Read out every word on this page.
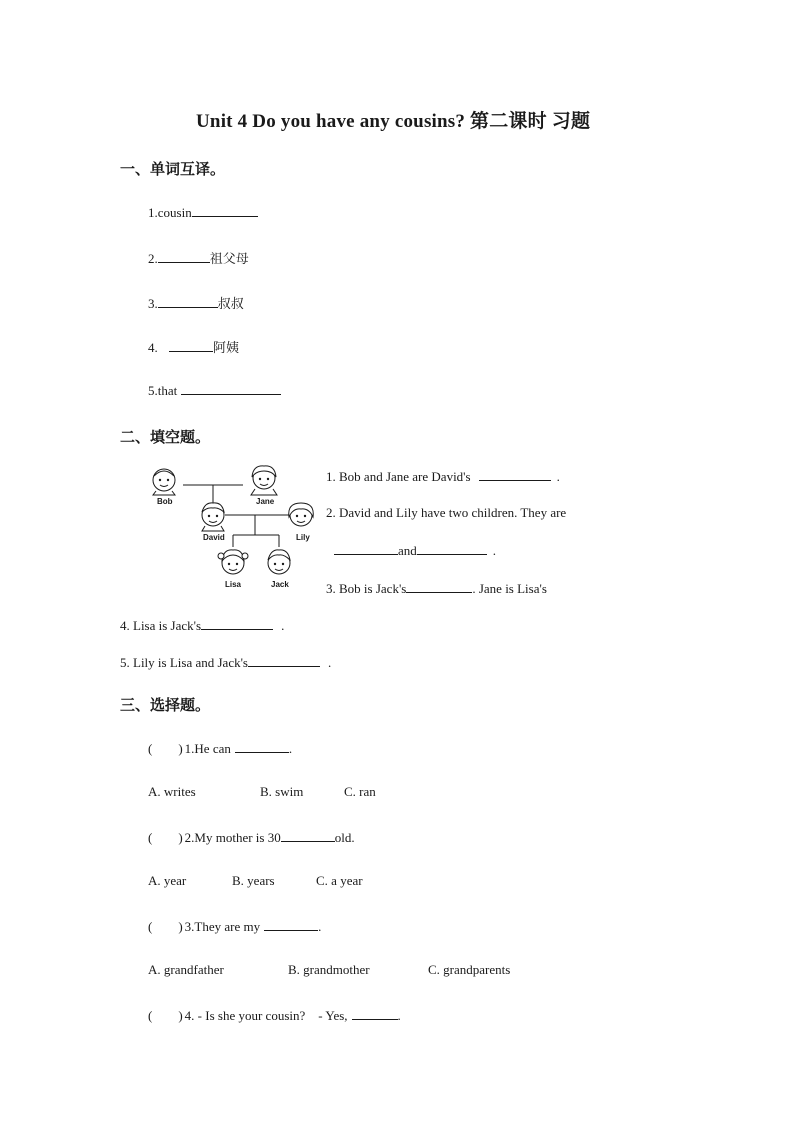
Unit 4 Do you have any cousins? 第二课时 习题
一、单词互译。
1.cousin
2.	祖父母
3.	叔叔
4.	阿姨
5.that
二、填空题。
Bob	Jane
David	Lily
Lisa	Jack
1. Bob and Jane are David's	.
2. David and Lily have two children. They are
and	.
3. Bob is Jack's	. Jane is Lisa's
4. Lisa is Jack's	.
5. Lily is Lisa and Jack's	.
三、选择题。
(        ) 1.He can	.
A. writes	B. swim	C. ran
(        ) 2.My mother is 30	old.
A. year	B. years	C. a year
(        ) 3.They are my	.
A. grandfather	B. grandmother	C. grandparents
(        ) 4. - Is she your cousin?    - Yes,	.
